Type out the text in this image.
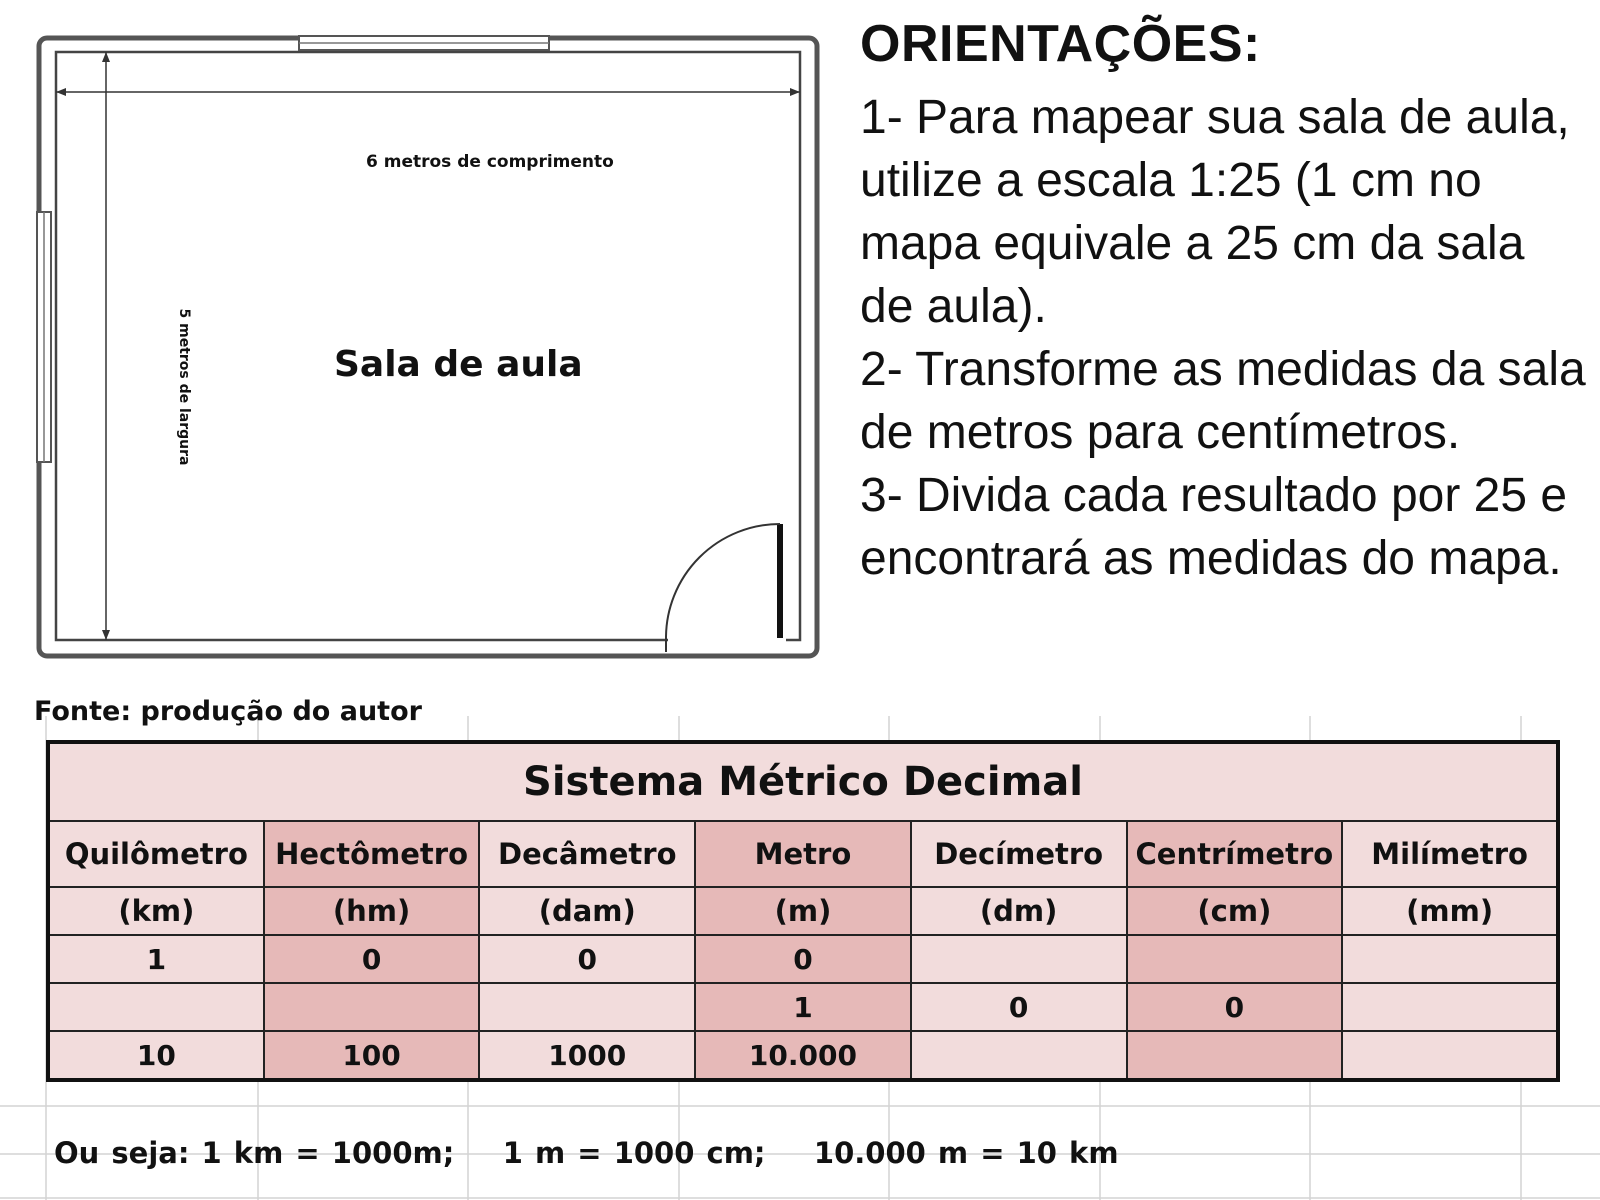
6 metros de comprimento
Sala de aula
5 metros de largura
Fonte: produção do autor
ORIENTAÇÕES:

1- Para mapear sua sala de aula, utilize a escala 1:25 (1 cm no mapa equivale a 25 cm da sala de aula).

2- Transforme as medidas da sala de metros para centímetros.

3- Divida cada resultado por 25 e encontrará as medidas do mapa.

Sistema Métrico Decimal						
Quilômetro	Hectômetro	Decâmetro	Metro	Decímetro	Centrímetro	Milímetro
(km)	(hm)	(dam)	(m)	(dm)	(cm)	(mm)
1	0	0	0			
			1	0	0	
10	100	1000	10.000			
Ou seja: 1 km = 1000m;    1 m = 1000 cm;    10.000 m = 10 km
